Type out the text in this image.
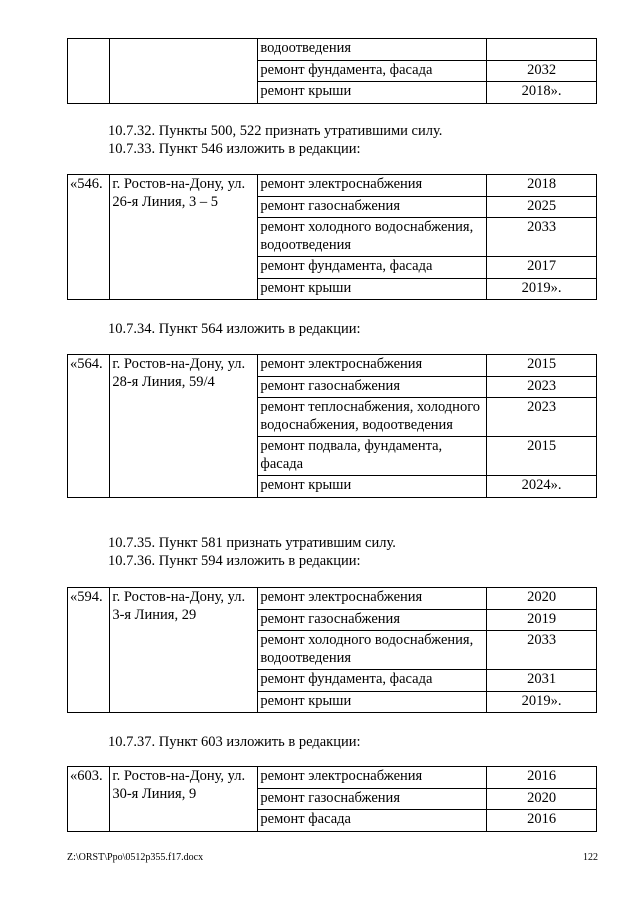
		водоотведения	
		ремонт фундамента, фасада	2032
		ремонт крыши	2018».
10.7.32. Пункты 500, 522 признать утратившими силу.
10.7.33. Пункт 546 изложить в редакции:
«546.	г. Ростов-на-Дону, ул. 26-я Линия, 3 – 5	ремонт электроснабжения	2018
		ремонт газоснабжения	2025
		ремонт холодного водоснабжения, водоотведения	2033
		ремонт фундамента, фасада	2017
		ремонт крыши	2019».
10.7.34. Пункт 564 изложить в редакции:
«564.	г. Ростов-на-Дону, ул. 28-я Линия, 59/4	ремонт электроснабжения	2015
		ремонт газоснабжения	2023
		ремонт теплоснабжения, холодного водоснабжения, водоотведения	2023
		ремонт подвала, фундамента, фасада	2015
		ремонт крыши	2024».
10.7.35. Пункт 581 признать утратившим силу.
10.7.36. Пункт 594 изложить в редакции:
«594.	г. Ростов-на-Дону, ул. 3-я Линия, 29	ремонт электроснабжения	2020
		ремонт газоснабжения	2019
		ремонт холодного водоснабжения, водоотведения	2033
		ремонт фундамента, фасада	2031
		ремонт крыши	2019».
10.7.37. Пункт 603 изложить в редакции:
«603.	г. Ростов-на-Дону, ул. 30-я Линия, 9	ремонт электроснабжения	2016
		ремонт газоснабжения	2020
		ремонт фасада	2016
Z:\ORST\Ppo\0512p355.f17.docx	122
